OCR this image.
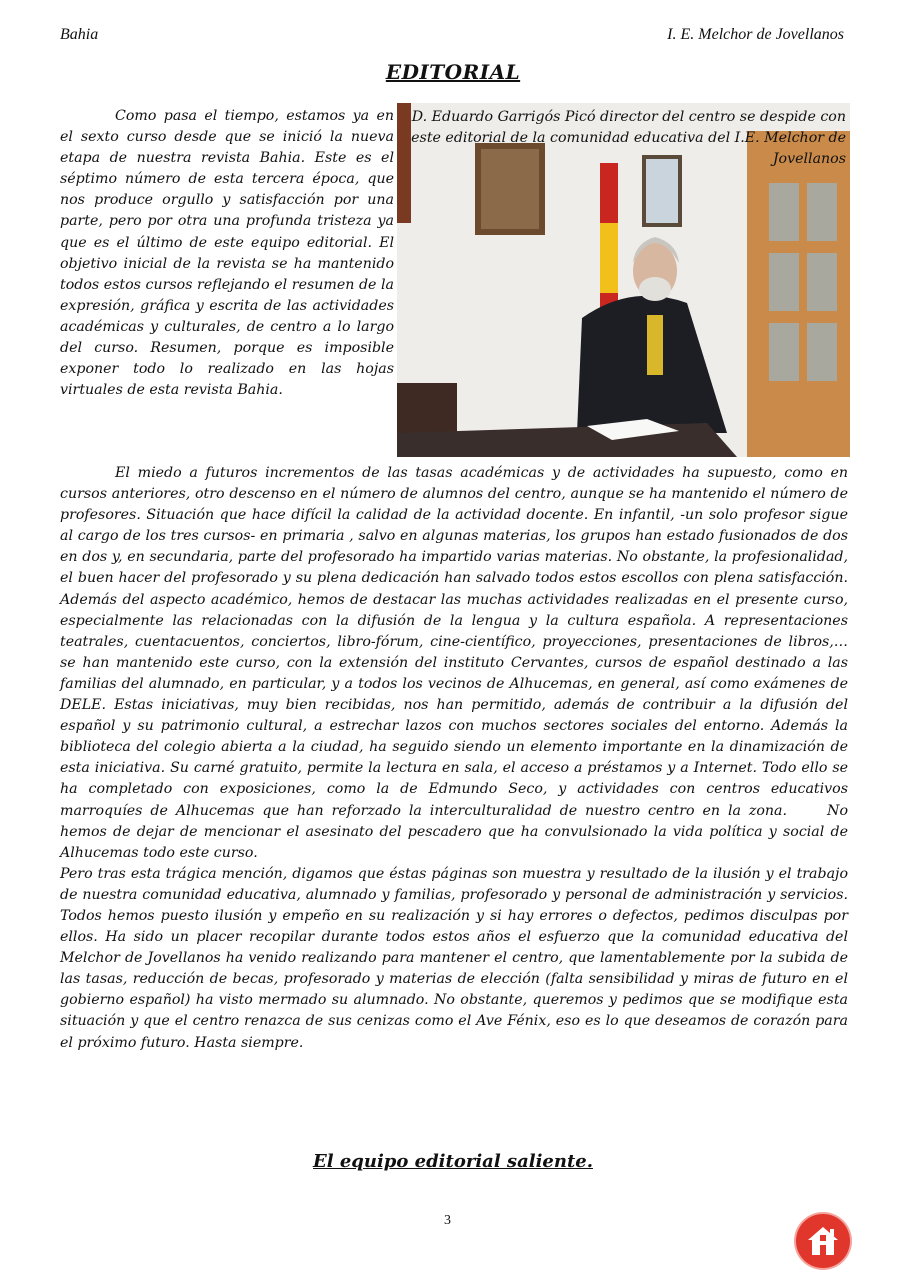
Bahia	I. E. Melchor de Jovellanos
EDITORIAL
Como pasa el tiempo, estamos ya en el sexto curso desde que se inició la nueva etapa de nuestra revista Bahia. Este es el séptimo número de esta tercera época, que nos produce orgullo y satisfacción por una parte, pero por otra una profunda tristeza ya que es el último de este equipo editorial. El objetivo inicial de la revista se ha mantenido todos estos cursos reflejando el resumen de la expresión, gráfica y escrita de las actividades académicas y culturales, de centro a lo largo del curso. Resumen, porque es imposible exponer todo lo realizado en las hojas virtuales de esta revista Bahia.
D. Eduardo Garrigós Picó director del centro se despide con este editorial de la comunidad educativa del I.E. Melchor de Jovellanos
El miedo a futuros incrementos de las tasas académicas y de actividades ha supuesto, como en cursos anteriores, otro descenso en el número de alumnos del centro, aunque se ha mantenido el número de profesores. Situación que hace difícil la calidad de la actividad docente. En infantil, -un solo profesor sigue al cargo de los tres cursos- en primaria , salvo en algunas materias, los grupos han estado fusionados de dos en dos y, en secundaria, parte del profesorado ha impartido varias materias. No obstante, la profesionalidad, el buen hacer del profesorado y su plena dedicación han salvado todos estos escollos con plena satisfacción. Además del aspecto académico, hemos de destacar las muchas actividades realizadas en el presente curso, especialmente las relacionadas con la difusión de la lengua y la cultura española. A representaciones teatrales, cuentacuentos, conciertos, libro-fórum, cine-científico, proyecciones, presentaciones de libros,… se han mantenido este curso, con la extensión del instituto Cervantes, cursos de español destinado a las familias del alumnado, en particular, y a todos los vecinos de Alhucemas, en general, así como exámenes de DELE. Estas iniciativas, muy bien recibidas, nos han permitido, además de contribuir a la difusión del español y su patrimonio cultural, a estrechar lazos con muchos sectores sociales del entorno. Además la biblioteca del colegio abierta a la ciudad, ha seguido siendo un elemento importante en la dinamización de esta iniciativa. Su carné gratuito, permite la lectura en sala, el acceso a préstamos y a Internet. Todo ello se ha completado con exposiciones, como la de Edmundo Seco, y actividades con centros educativos marroquíes de Alhucemas que han reforzado la interculturalidad de nuestro centro en la zona.	No hemos de dejar de mencionar el asesinato del pescadero que ha convulsionado la vida política y social de Alhucemas todo este curso.
Pero tras esta trágica mención, digamos que éstas páginas son muestra y resultado de la ilusión y el trabajo de nuestra comunidad educativa, alumnado y familias, profesorado y personal de administración y servicios. Todos hemos puesto ilusión y empeño en su realización y si hay errores o defectos, pedimos disculpas por ellos. Ha sido un placer recopilar durante todos estos años el esfuerzo que la comunidad educativa del Melchor de Jovellanos ha venido realizando para mantener el centro, que lamentablemente por la subida de las tasas, reducción de becas, profesorado y materias de elección (falta sensibilidad y miras de futuro en el gobierno español) ha visto mermado su alumnado. No obstante, queremos y pedimos que se modifique esta situación y que el centro renazca de sus cenizas como el Ave Fénix, eso es lo que deseamos de corazón para el próximo futuro. Hasta siempre.
El equipo editorial saliente.
3
